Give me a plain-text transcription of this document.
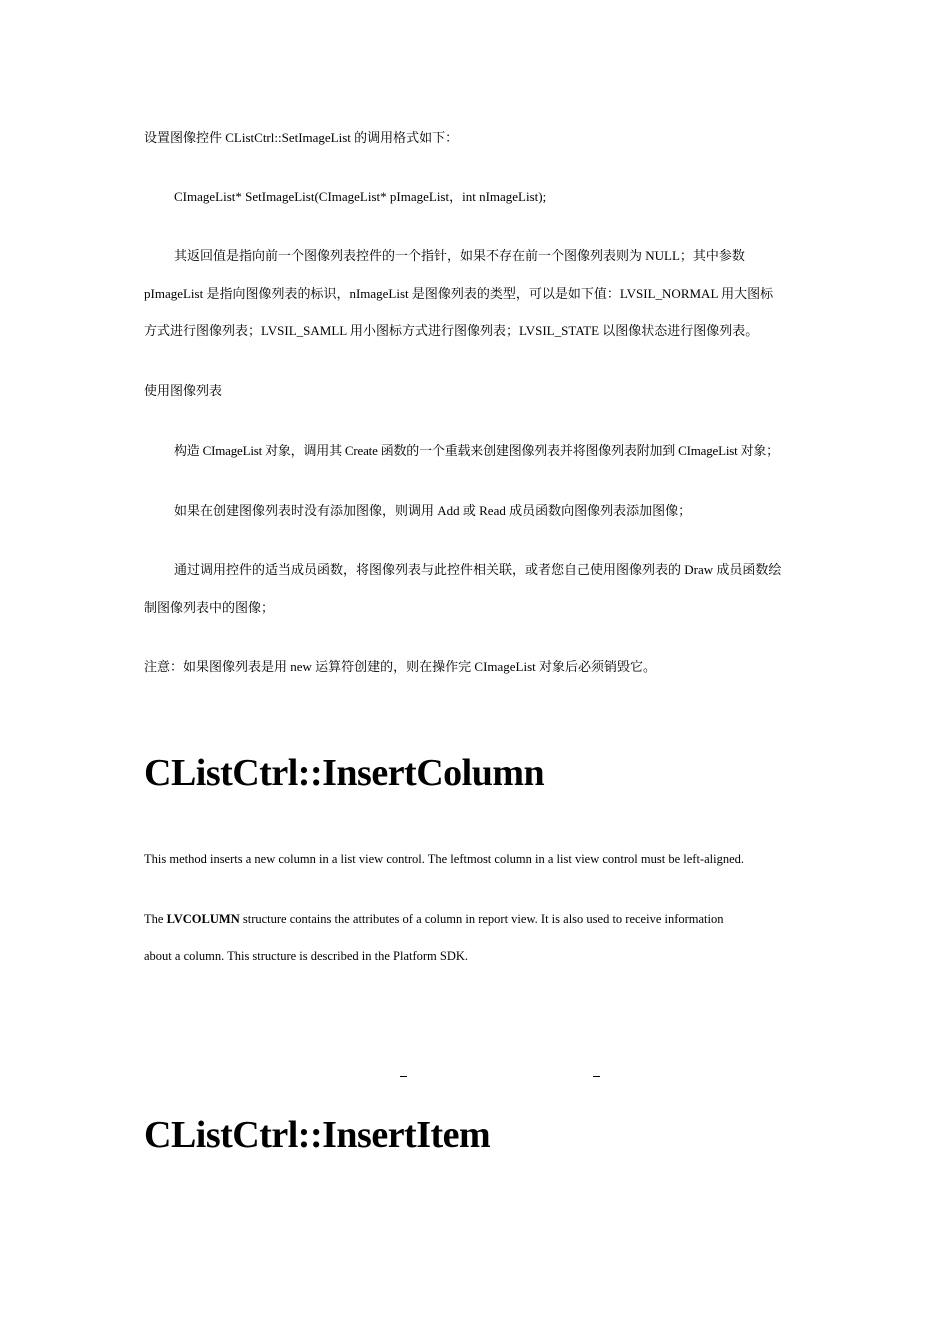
设置图像控件 CListCtrl::SetImageList 的调用格式如下：
CImageList* SetImageList(CImageList* pImageList，int nImageList);
其返回值是指向前一个图像列表控件的一个指针，如果不存在前一个图像列表则为 NULL；其中参数
pImageList 是指向图像列表的标识，nImageList 是图像列表的类型，可以是如下值：LVSIL_NORMAL 用大图标
方式进行图像列表；LVSIL_SAMLL 用小图标方式进行图像列表；LVSIL_STATE 以图像状态进行图像列表。
使用图像列表
构造 CImageList 对象，调用其 Create 函数的一个重载来创建图像列表并将图像列表附加到 CImageList 对象；
如果在创建图像列表时没有添加图像，则调用 Add 或 Read 成员函数向图像列表添加图像；
通过调用控件的适当成员函数，将图像列表与此控件相关联，或者您自己使用图像列表的 Draw 成员函数绘
制图像列表中的图像；
注意：如果图像列表是用 new 运算符创建的，则在操作完 CImageList 对象后必须销毁它。
CListCtrl::InsertColumn
This method inserts a new column in a list view control. The leftmost column in a list view control must be left-aligned.
The LVCOLUMN structure contains the attributes of a column in report view. It is also used to receive information
about a column. This structure is described in the Platform SDK.
CListCtrl::InsertItem
